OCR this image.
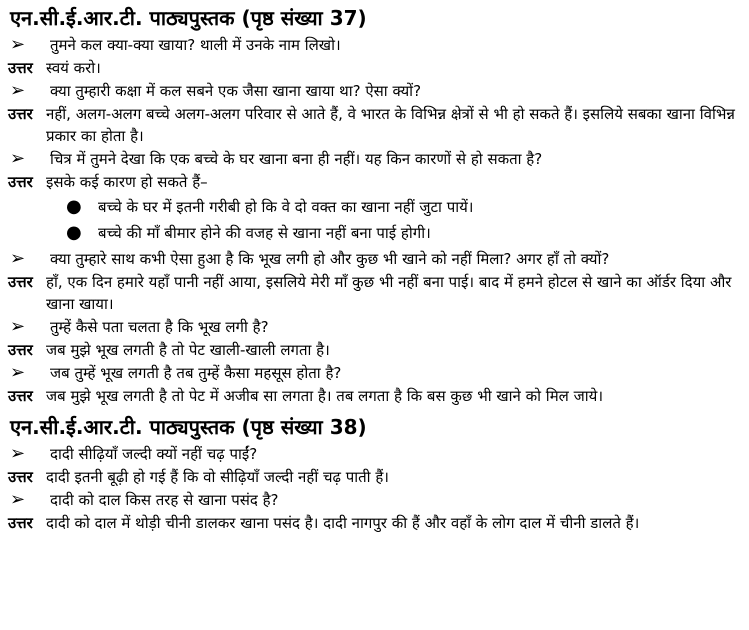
एन.सी.ई.आर.टी. पाठ्यपुस्तक (पृष्ठ संख्या 37)
➢	तुमने कल क्या-क्या खाया? थाली में उनके नाम लिखो।
उत्तर स्वयं करो।
➢	क्या तुम्हारी कक्षा में कल सबने एक जैसा खाना खाया था? ऐसा क्यों?
उत्तर नहीं, अलग-अलग बच्चे अलग-अलग परिवार से आते हैं, वे भारत के विभिन्न क्षेत्रों से भी हो सकते हैं। इसलिये सबका खाना विभिन्न प्रकार का होता है।
➢	चित्र में तुमने देखा कि एक बच्चे के घर खाना बना ही नहीं। यह किन कारणों से हो सकता है?
उत्तर इसके कई कारण हो सकते हैं–
●	बच्चे के घर में इतनी गरीबी हो कि वे दो वक्त का खाना नहीं जुटा पायें।
●	बच्चे की माँ बीमार होने की वजह से खाना नहीं बना पाई होगी।
➢	क्या तुम्हारे साथ कभी ऐसा हुआ है कि भूख लगी हो और कुछ भी खाने को नहीं मिला? अगर हाँ तो क्यों?
उत्तर हाँ, एक दिन हमारे यहाँ पानी नहीं आया, इसलिये मेरी माँ कुछ भी नहीं बना पाई। बाद में हमने होटल से खाने का ऑर्डर दिया और खाना खाया।
➢	तुम्हें कैसे पता चलता है कि भूख लगी है?
उत्तर जब मुझे भूख लगती है तो पेट खाली-खाली लगता है।
➢	जब तुम्हें भूख लगती है तब तुम्हें कैसा महसूस होता है?
उत्तर जब मुझे भूख लगती है तो पेट में अजीब सा लगता है। तब लगता है कि बस कुछ भी खाने को मिल जाये।
एन.सी.ई.आर.टी. पाठ्यपुस्तक (पृष्ठ संख्या 38)
➢	दादी सीढ़ियाँ जल्दी क्यों नहीं चढ़ पाईं?
उत्तर दादी इतनी बूढ़ी हो गई हैं कि वो सीढ़ियाँ जल्दी नहीं चढ़ पाती हैं।
➢	दादी को दाल किस तरह से खाना पसंद है?
उत्तर दादी को दाल में थोड़ी चीनी डालकर खाना पसंद है। दादी नागपुर की हैं और वहाँ के लोग दाल में चीनी डालते हैं।
